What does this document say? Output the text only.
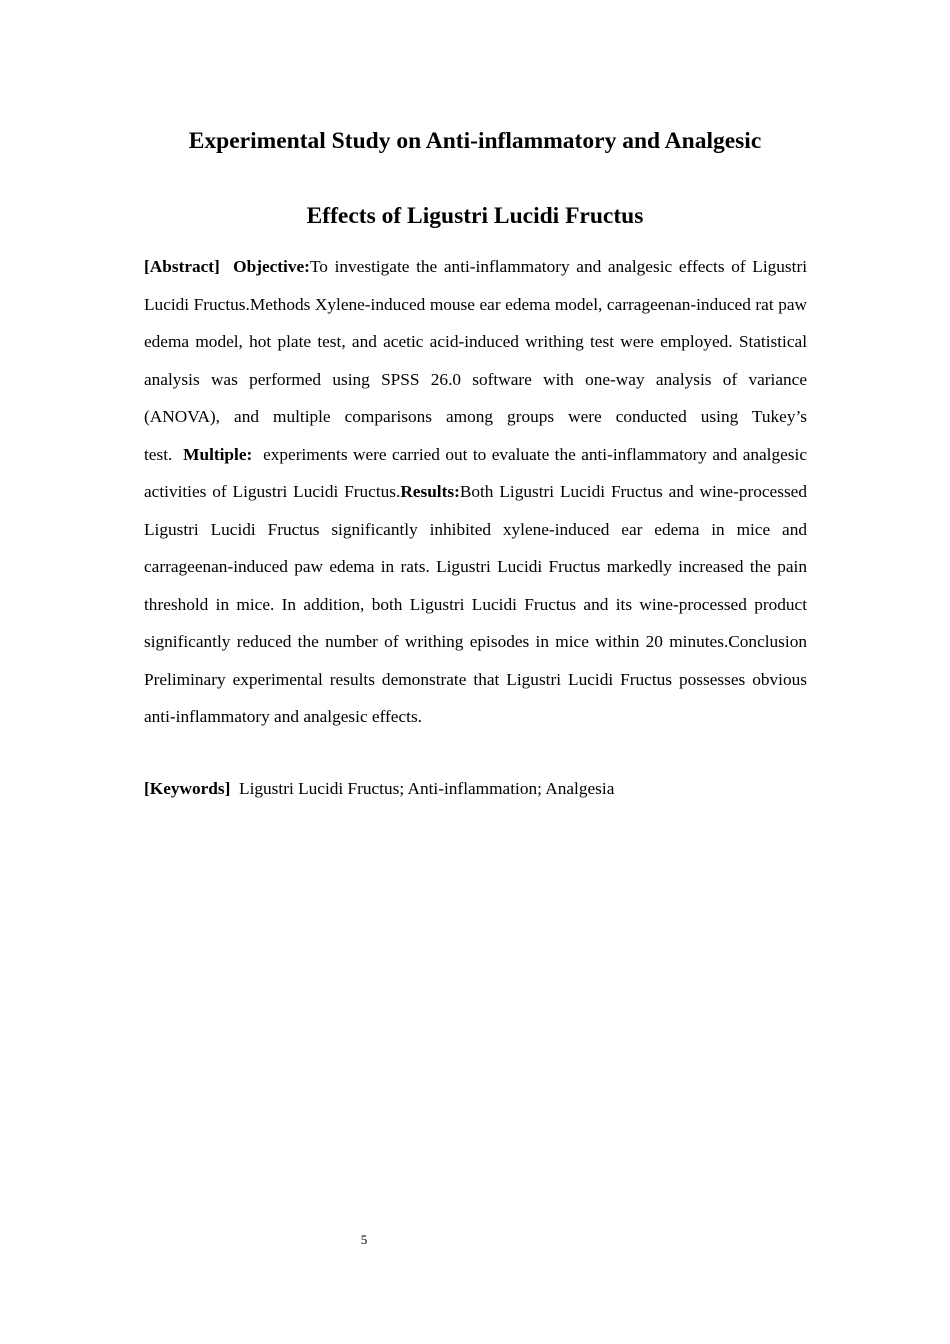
Experimental Study on Anti-inflammatory and Analgesic
Effects of Ligustri Lucidi Fructus

[Abstract] Objective:To investigate the anti-inflammatory and analgesic effects of Ligustri Lucidi Fructus.Methods Xylene-induced mouse ear edema model, carrageenan-induced rat paw edema model, hot plate test, and acetic acid-induced writhing test were employed. Statistical analysis was performed using SPSS 26.0 software with one-way analysis of variance (ANOVA), and multiple comparisons among groups were conducted using Tukey’s test. Multiple: experiments were carried out to evaluate the anti-inflammatory and analgesic activities of Ligustri Lucidi Fructus.Results:Both Ligustri Lucidi Fructus and wine-processed Ligustri Lucidi Fructus significantly inhibited xylene-induced ear edema in mice and carrageenan-induced paw edema in rats. Ligustri Lucidi Fructus markedly increased the pain threshold in mice. In addition, both Ligustri Lucidi Fructus and its wine-processed product significantly reduced the number of writhing episodes in mice within 20 minutes.Conclusion Preliminary experimental results demonstrate that Ligustri Lucidi Fructus possesses obvious anti-inflammatory and analgesic effects.

[Keywords] Ligustri Lucidi Fructus; Anti-inflammation; Analgesia

5
